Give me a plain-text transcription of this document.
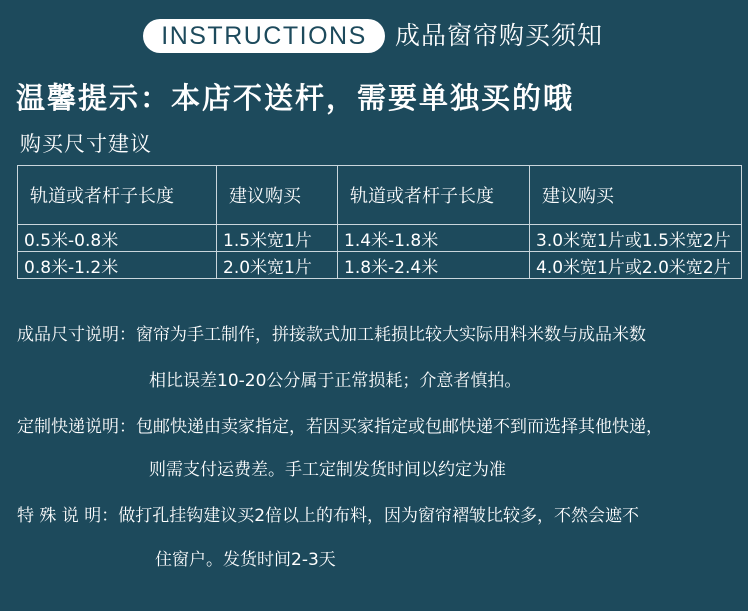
INSTRUCTIONS	成品窗帘购买须知
温馨提示：本店不送杆，需要单独买的哦
购买尺寸建议
轨道或者杆子长度	建议购买	轨道或者杆子长度	建议购买
0.5米-0.8米	1.5米宽1片	1.4米-1.8米	3.0米宽1片或1.5米宽2片
0.8米-1.2米	2.0米宽1片	1.8米-2.4米	4.0米宽1片或2.0米宽2片
成品尺寸说明：窗帘为手工制作，拼接款式加工耗损比较大实际用料米数与成品米数
相比误差10-20公分属于正常损耗；介意者慎拍。
定制快递说明：包邮快递由卖家指定，若因买家指定或包邮快递不到而选择其他快递，
则需支付运费差。手工定制发货时间以约定为准
特 殊 说 明：做打孔挂钩建议买2倍以上的布料，因为窗帘褶皱比较多，不然会遮不
住窗户。发货时间2-3天
